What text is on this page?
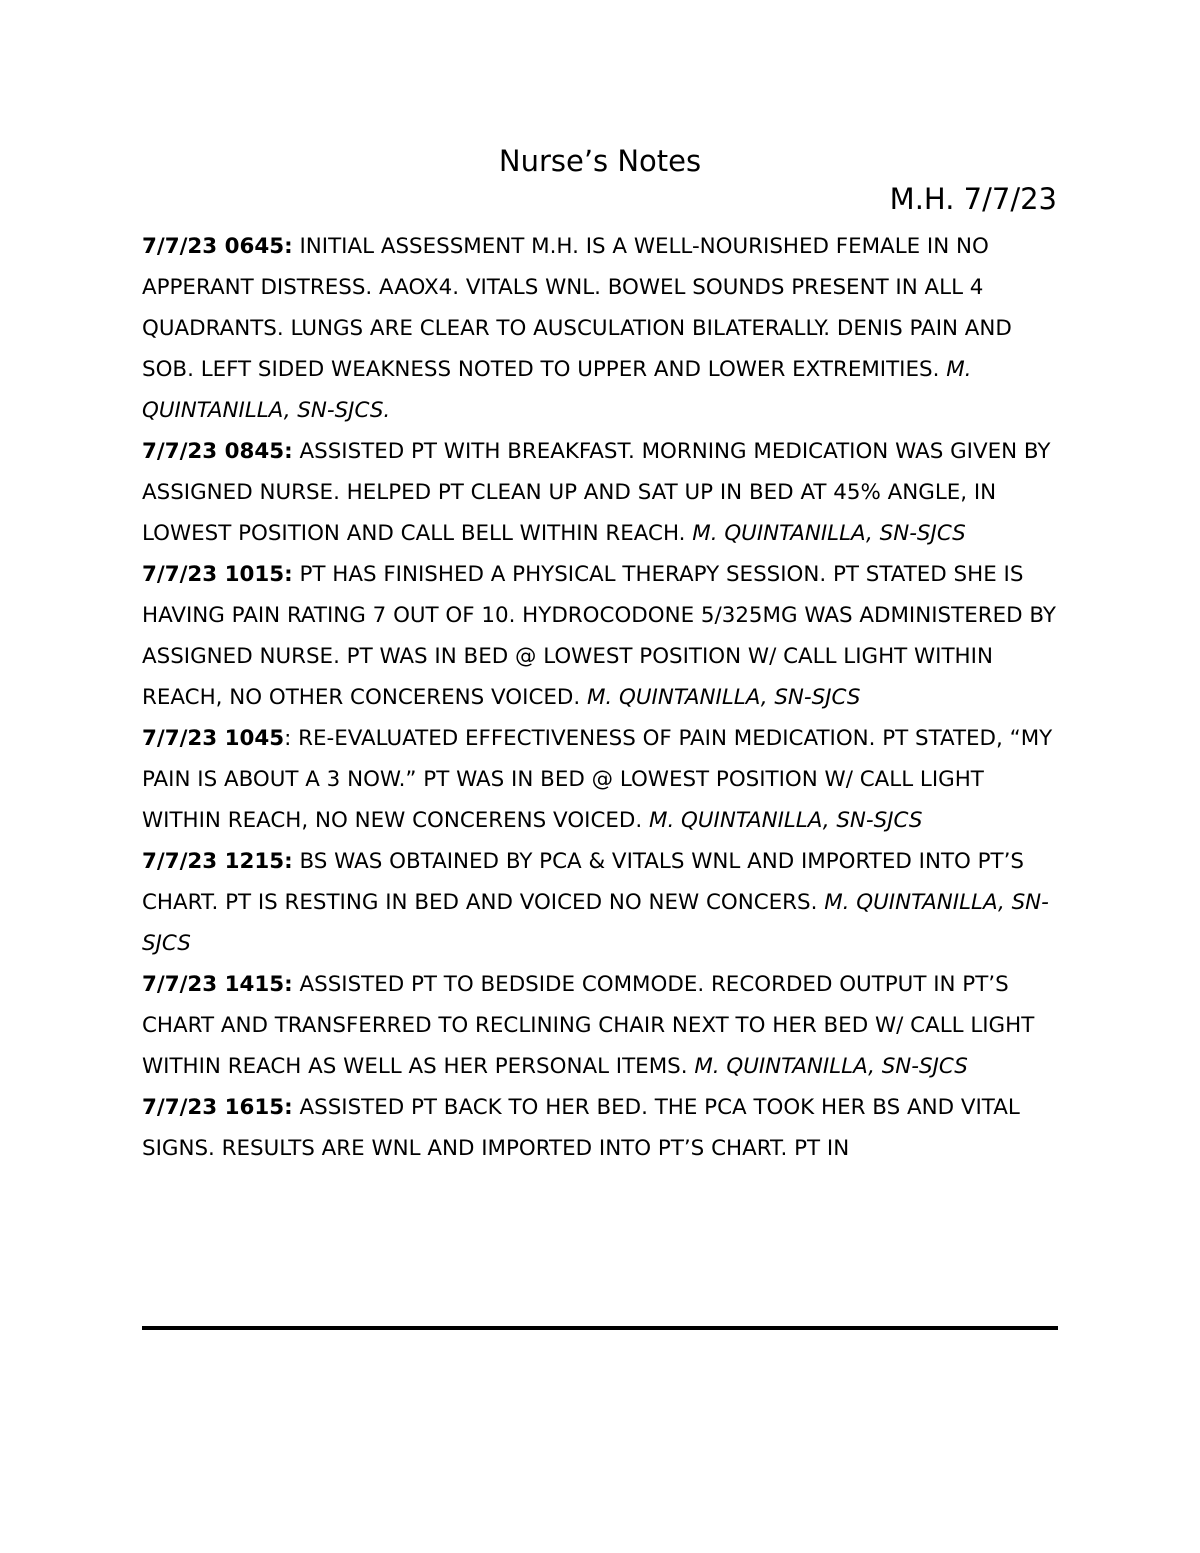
Nurse’s Notes
M.H. 7/7/23

7/7/23 0645: INITIAL ASSESSMENT M.H. IS A WELL-NOURISHED FEMALE IN NO APPERANT DISTRESS. AAOX4. VITALS WNL. BOWEL SOUNDS PRESENT IN ALL 4 QUADRANTS. LUNGS ARE CLEAR TO AUSCULATION BILATERALLY. DENIS PAIN AND SOB. LEFT SIDED WEAKNESS NOTED TO UPPER AND LOWER EXTREMITIES. M. QUINTANILLA, SN-SJCS.

7/7/23 0845: ASSISTED PT WITH BREAKFAST. MORNING MEDICATION WAS GIVEN BY ASSIGNED NURSE. HELPED PT CLEAN UP AND SAT UP IN BED AT 45% ANGLE, IN LOWEST POSITION AND CALL BELL WITHIN REACH. M. QUINTANILLA, SN-SJCS

7/7/23 1015: PT HAS FINISHED A PHYSICAL THERAPY SESSION. PT STATED SHE IS HAVING PAIN RATING 7 OUT OF 10. HYDROCODONE 5/325MG WAS ADMINISTERED BY ASSIGNED NURSE. PT WAS IN BED @ LOWEST POSITION W/ CALL LIGHT WITHIN REACH, NO OTHER CONCERENS VOICED. M. QUINTANILLA, SN-SJCS

7/7/23 1045: RE-EVALUATED EFFECTIVENESS OF PAIN MEDICATION. PT STATED, “MY PAIN IS ABOUT A 3 NOW.” PT WAS IN BED @ LOWEST POSITION W/ CALL LIGHT WITHIN REACH, NO NEW CONCERENS VOICED. M. QUINTANILLA, SN-SJCS

7/7/23 1215: BS WAS OBTAINED BY PCA & VITALS WNL AND IMPORTED INTO PT’S CHART. PT IS RESTING IN BED AND VOICED NO NEW CONCERS. M. QUINTANILLA, SN-SJCS

7/7/23 1415: ASSISTED PT TO BEDSIDE COMMODE. RECORDED OUTPUT IN PT’S CHART AND TRANSFERRED TO RECLINING CHAIR NEXT TO HER BED W/ CALL LIGHT WITHIN REACH AS WELL AS HER PERSONAL ITEMS. M. QUINTANILLA, SN-SJCS

7/7/23 1615: ASSISTED PT BACK TO HER BED. THE PCA TOOK HER BS AND VITAL SIGNS. RESULTS ARE WNL AND IMPORTED INTO PT’S CHART. PT IN
